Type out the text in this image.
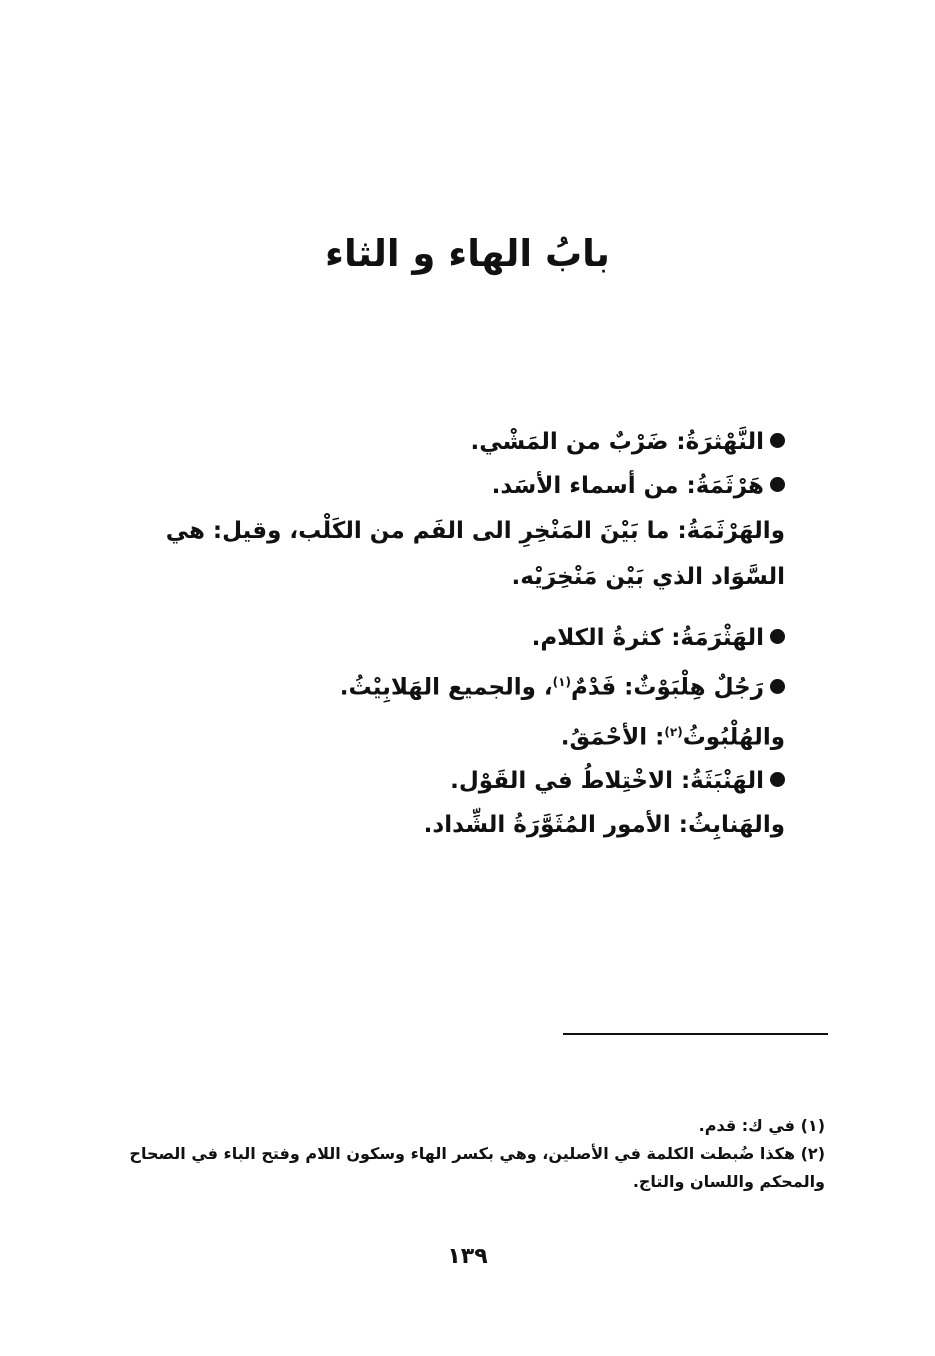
بابُ الهاء و الثاء
النَّهْثرَةُ: ضَرْبٌ من المَشْي.
هَرْثَمَةُ: من أسماء الأسَد.
والهَرْثَمَةُ: ما بَيْنَ المَنْخِرِ الى الفَم من الكَلْب، وقيل: هي السَّوَاد الذي بَيْن مَنْخِرَيْه.
الهَثْرَمَةُ: كثرةُ الكلام.
رَجُلٌ هِلْبَوْثٌ: فَدْمٌ$^{(١)}$، والجميع الهَلابِيْثُ.
والهُلْبُوثُ$^{(٢)}$: الأحْمَقُ.
الهَنْبَثَةُ: الاخْتِلاطُ في القَوْل.
والهَنابِثُ: الأمور المُثَوَّرَةُ الشِّداد.
(١) في ك: قدم.
(٢) هكذا ضُبطت الكلمة في الأصلين، وهي بكسر الهاء وسكون اللام وفتح الباء في الصحاح والمحكم واللسان والتاج.
١٣٩
